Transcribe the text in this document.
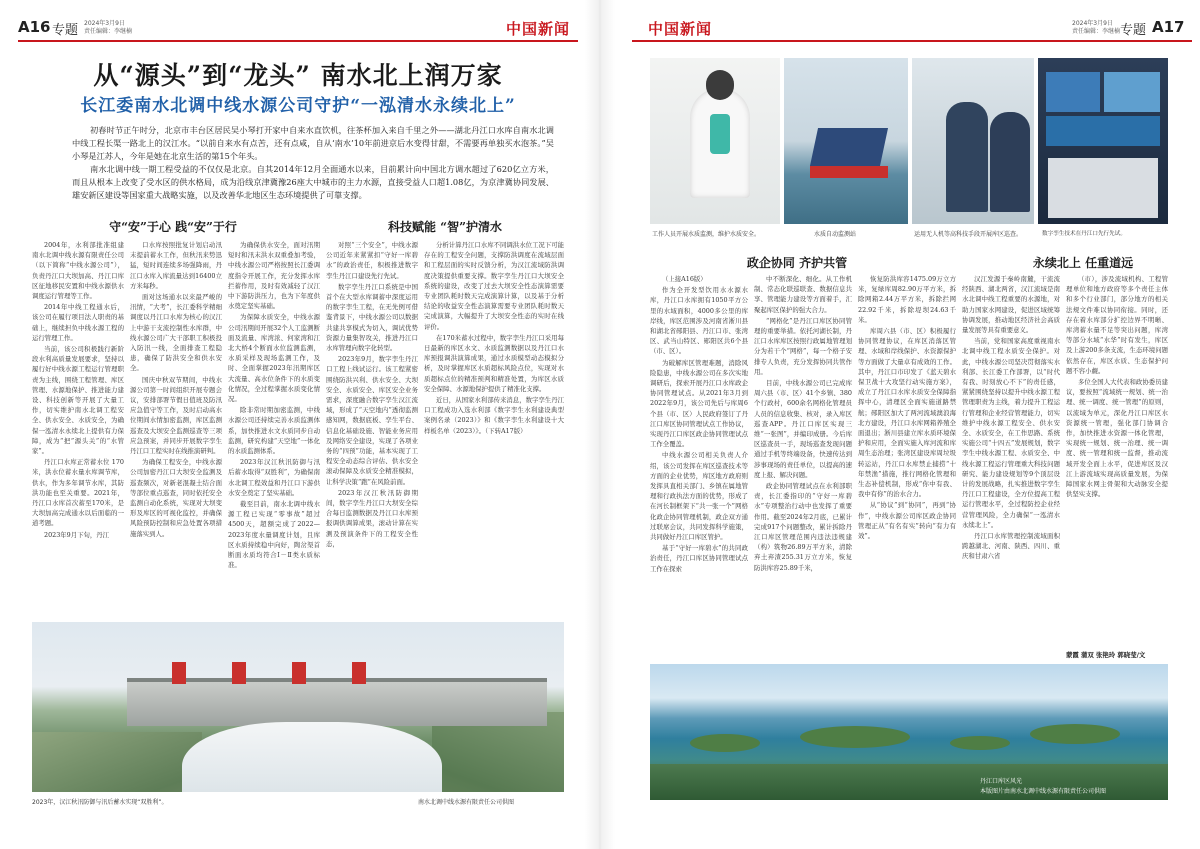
A16 专题 2024年3月9日
责任编辑：李继楠	中国新闻
从“源头”到“龙头” 南水北上润万家
长江委南水北调中线水源公司守护“一泓清水永续北上”

初春时节正午时分，北京市丰台区居民吴小琴打开家中自来水直饮机，往茶杯加入来自千里之外——湖北丹江口水库自南水北调中线工程长渠一路北上的汉江水。“以前自来水有点苦，还有点咸，自从‘南水’10年前进京后水变得甘甜，不需要再单独买水泡茶。”吴小琴是江苏人，今年是她在北京生活的第15个年头。

南水北调中线一期工程受益的不仅仅是北京。自其2014年12月全面通水以来，目前累计向中国北方调水超过了620亿立方米，而且从根本上改变了受水区的供水格局，成为沿线京津冀豫26座大中城市的主力水源，直接受益人口超1.08亿，为京津冀协同发展、雄安新区建设等国家重大战略实施，以及改善华北地区生态环境提供了可靠支撑。

守“安”于心 践“安”于行	科技赋能 “智”护清水

2004年，水利部批准组建南水北调中线水源有限责任公司（以下简称“中线水源公司”），负责丹江口大坝加高、丹江口库区征地移民安置和中线水源供水调度运行管理等工作。

2014年中线工程通水后，该公司在履行项目法人职责的基础上，继续担负中线水源工程的运行管理工作。

当前，该公司积极践行新阶段水利高质量发展要求，坚持以履行好中线水源工程运行管理职责为主线，围绕工程管理、库区管理、水源地保护、推进能力建设、科技创新等开展了大量工作，切实维护南水北调工程安全、供水安全、水质安全，为确保一泓清水永续北上提供有力保障，成为“把”源头关”的“水管家”。

丹江口水库正常蓄水位 170米，洪水位蓄水量水库调节库，供水，作为多年调节水库，其防洪功能也至关重要。2021年，丹江口水库首次蓄至170米，是大坝加高完成通水以后面临的一道考题。

2023年9月下旬，丹江

口水库按照批复计划启动汛末提前蓄水工作，但秋汛来势迅猛，短时间连续多场强降雨，丹江口水库入库流量达到16400立方米每秒。

面对这场通水以来最严峻的汛情，“大考”，长江委科学精细调度以丹江口水库为核心的汉江上中游干支流控制性水库群，中线水源公司广大干部职工积极投入防汛一线，全面排查工程隐患，确保了防洪安全和供水安全。

国庆中秋双节期间，中线水源公司第一时间组织开展专题会议，安排部署节假日值班及防汛应急值守等工作，及时启动高水位期间水情加密监测，库区监测巡查及大坝安全监测巡查等三项应急预案，并同步开展数字孪生丹江口工程实时在线推演研判。

为确保工程安全，中线水源公司加密丹江口大坝安全监测及巡查频次，对新老混凝土结合面等部位重点巡查，同时依托安全监测自动化系统，实现对大坝变形及库区的可视化监控，并确保风险预防控制和应急处置各项措施落实到人。

为确保供水安全，面对汛期短时和汛末洪水双重叠加考验，中线水源公司严格按照长江委调度指令开展工作，充分发挥水库拦蓄作用，及时有效减轻了汉江中下游防洪压力，也为下年度供水奠定坚实基础。

为保障水质安全，中线水源公司汛期间开展32个人工监测断面及流量、库湾浓、何家湾和江北大桥4个断面水位监测监测，水质采样及现场监测工作，及时、全面掌握2023年汛期库区大流量、高水位条件下的水质变化情况，全过程掌握水质变化情况。

除非常时期加密监测，中线水源公司还持续完善水质监测体系，加快推进水文水质同步自动监测，研究构建“天空地”一体化的水质监测体系。

2023年汉江秋汛防御与汛后蓄水取得“双胜利”，为确保南水北调工程效益和丹江口下游供水安全奠定了坚实基础。

截至目前，南水北调中线水源工程已实现“零事故”超过4500天，超额完成了2022—2023年度水量调度计划，且库区水质持续稳中向好，陶岔渠首断面水质均符合Ⅰ－Ⅱ类水质标准。

对照“三个安全”，中线水源公司近年来紧紧扣“守好一库碧水”的政治责任，积极推进数字孪生丹江口建设先行先试。

数字孪生丹江口系统是中国首个在大型水库调蓄中深度运用的数字孪生工程，在无先例可借鉴背景下，中线水源公司以数据共建共享模式为切入，调试优势资源力量集智攻关，推进丹江口水库管理向数字化转型。

2023年9月，数字孪生丹江口工程上线试运行。该工程紧密围绕防洪兴利、供水安全、大坝安全、水质安全、库区安全业务需求，深度融合数字孪生汉江流域，形成了“天空地内”透彻监测感知网，数据底板、孪生平台、信息化基础设施、智能业务应用及网络安全建设，实现了各项业务的“四预”功能，基本实现了工程安全动态综合评估、供水安全滚动保障及水质安全精准模拟，让科学决策“跑”在风险前面。

2023年汉江秋汛防御期间，数字孪生丹江口大坝安全综合每日监测数据及丹江口水库预报调供调算成果，滚动计算在实测及预演条件下的工程安全性态，

分析计算丹江口水库不同调洪水位工况下可能存在的工程安全问题，支撑防洪调度在流域层面和工程层面的实时反馈分析，为汉江流域防洪调度决策提供重要支撑。数字孪生丹江口大坝安全系统的建设，改变了过去大坝安全性态演算需要专业团队耗时数天完成演算计算，以及基于分析结论的收益安全性态演算需要专业团队耗时数天完成演算，大幅提升了大坝安全性态的实时在线评价。

在170米蓄水过程中，数字孪生丹江口采用每日最新的库区水文、水质监测数据以及丹江口水库预报调洪演算成果，通过水质模型动态模拟分析，及时掌握库区水质超标风险点位，实现对水质超标点位的精准预判和精准处置，为库区水质安全保障、水源地保护提供了精准化支撑。

近日，从国家水利部传来消息，数字孪生丹江口工程成功入选水利部《数字孪生水利建设典型案例名录（2023）》和《数字孪生水利建设十大样板名单（2023）》。（下转A17版）

2023年，汉江秋汛防御与汛后蓄水实现“双胜利”。	南水北调中线水源有限责任公司供图
中国新闻	2024年3月9日
责任编辑：李继楠 专题 A17
工作人员开展水质监测，维护水质安全。	水质自动监测站	运用无人机等高科技手段开展库区巡查。	数字孪生技术在丹江口先行先试。
政企协同 齐护共管	永续北上 任重道远

（上接A16版）

作为全开发型饮用水水源水库，丹江口水库拥有1050平方公里的水域面积，4000多公里的库岸线，库区范围涉及河南省淅川县和湖北省郧阳县、丹江口市、张湾区、武当山特区、郧阳区共6个县（市、区）。

为破解库区管理难题，消除风险隐患，中线水源公司在多次实地调研后，探索开展丹江口水库政企协同管理试点。从2021年3月到2022年9月，该公司先后与库周6个县（市、区）人民政府签订了丹江口库区协同管理试点工作协议，实现丹江口库区政企协同管理试点工作全覆盖。

中线水源公司相关负责人介绍，该公司发挥在库区巡查技术等方面的企业优势，库区地方政府则发挥具直相关部门、乡镇在属地管理和行政执法方面的优势，形成了在河长制框架下“共一张一个”网格化政企协同管理机制，政企双方通过联席会议，共同发挥科学施策，共同做好丹江口库区管护。

基于“守好一库碧水”的共同政治责任，丹江口库区协同管理试点工作在探索

中不断深化、细化。从工作机制、常态化联巡联查、数据信息共享、管理能力建设等方面着手，汇聚起库区保护的强大合力。

“网格化”是丹江口库区协同管理的重要举措。依托河湖长制，丹江口水库库区按照行政属地管理划分为若干个“网格”，每一个格子安排专人负责，充分发挥协同共管作用。

目前，中线水源公司已完成库周六县（市、区）41个乡镇、380个行政村，600余名网格化管理员人员的信息收集、核对，录入库区巡查APP。丹江口库区实现三维“一张图”，并编印成册。今后库区巡查员一手，现场巡查发现问题通过手机等终端设备，快速传达到涉事现场的责任单位，以提高的速度上报、解决问题。

政企协同管理试点在水利部职责，长江委指印的“守好一库碧水”专项整治行动中也发挥了重要作用。截至2024年2月底，已累计完成917个问题整改，累计拆除丹江口库区管理范围内违法违规建（构）筑物26.89万平方米，清除弃土弃渣255.31万立方米，恢复防洪库容25.89千米，

恢复防洪库容1475.09万立方米，复绿库周82.90万平方米，拆除网箱2.44万平方米，拆除拦网22.92千米，拆除堤坝24.63千米。

库周六县（市、区）积极履行协同管理协议，在库区消落区管理、水域和岸线保护、水资源保护等方面做了大量卓有成效的工作。其中，丹江口市印发了《蓝天碧水保卫战十大攻坚行动实施方案》，成立了丹江口水库水质安全保障指挥中心，清理区全面实施道路禁航；郧阳区加大了两河流域澳浪海北方建设，丹江口水库网箱养殖全面退出；淅川县建立库水质环境保护和应用，全面实施入库河流和库周生态治理；张湾区建设库周垃圾转运站，丹江口水库禁止捕捞“十年禁渔”措施，推行网格化管理和生态补偿机制，形成“你中有我、我中有你”的治水合力。

从“协议”到“协同”，再到“协作”，中线水源公司库区政企协同管理正从“有名有实”转向“有力有效”。

汉江发源于秦岭南麓，干流流经陕西、湖北两省，汉江流域是南水北调中线工程重要的水源地，对助力国家水网建设，促进区域统筹协调发展，推动地区经济社会高质量发展等具有重要意义。

当前，党和国家高度重视南水北调中线工程水质安全保护。对此，中线水源公司坚决贯彻落实水利部、长江委工作部署，以“时代有我、时刻放心不下”的责任感，紧紧围绕坚持以提升中线水源工程管理职责为主线，着力提升工程运行管理和企业经营管理能力，切实维护中线水源工程安全、供水安全、水质安全，在工作思路、系统实施公司“十四五”发展规划，数字孪生中线水源工程、水质安全、中线水源工程运行管理重大科技问题研究、能力建设规划等9个顶层设计的发展战略，扎实推进数字孪生丹江口工程建设，全方位提高工程运行管理水平，全过程防控企业经营管理风险，全力确保“一泓清水永续北上”。

丹江口水库管理控制流域面积跨越湖北、河南、陕西、四川、重庆和甘肃六省

（市），涉及流域机构、工程管理单位和地方政府等多个责任主体和多个行业部门，部分地方的相关法规文件难以协同衔接。同时，还存在着水库部分扩控边界不明晰、库湾蓄水量不足等突出问题，库湾等部分水域“水华”时有发生，库区及上游200多条支流，生态环境问题依然存在，库区水质、生态保护问题不容小觑。

多位全国人大代表和政协委员建议，要按照“流域统一规划、统一治理、统一调度、统一管理”的原则，以流域为单元，深化丹江口库区水资源统一管理，强化部门协调合作，加快推进水资源一体化管理，实现统一规划、统一治理、统一调度、统一管理和统一监督，推动流域开发全面上水平，促进库区及汉江上游流域实现高质量发展，为保障国家水网主骨架和大动脉安全提供坚实支撑。

蒙霞 蒲双 张艳玲 郭晓莹/文
丹江口库区风光
本版图片由南水北调中线水源有限责任公司供图
